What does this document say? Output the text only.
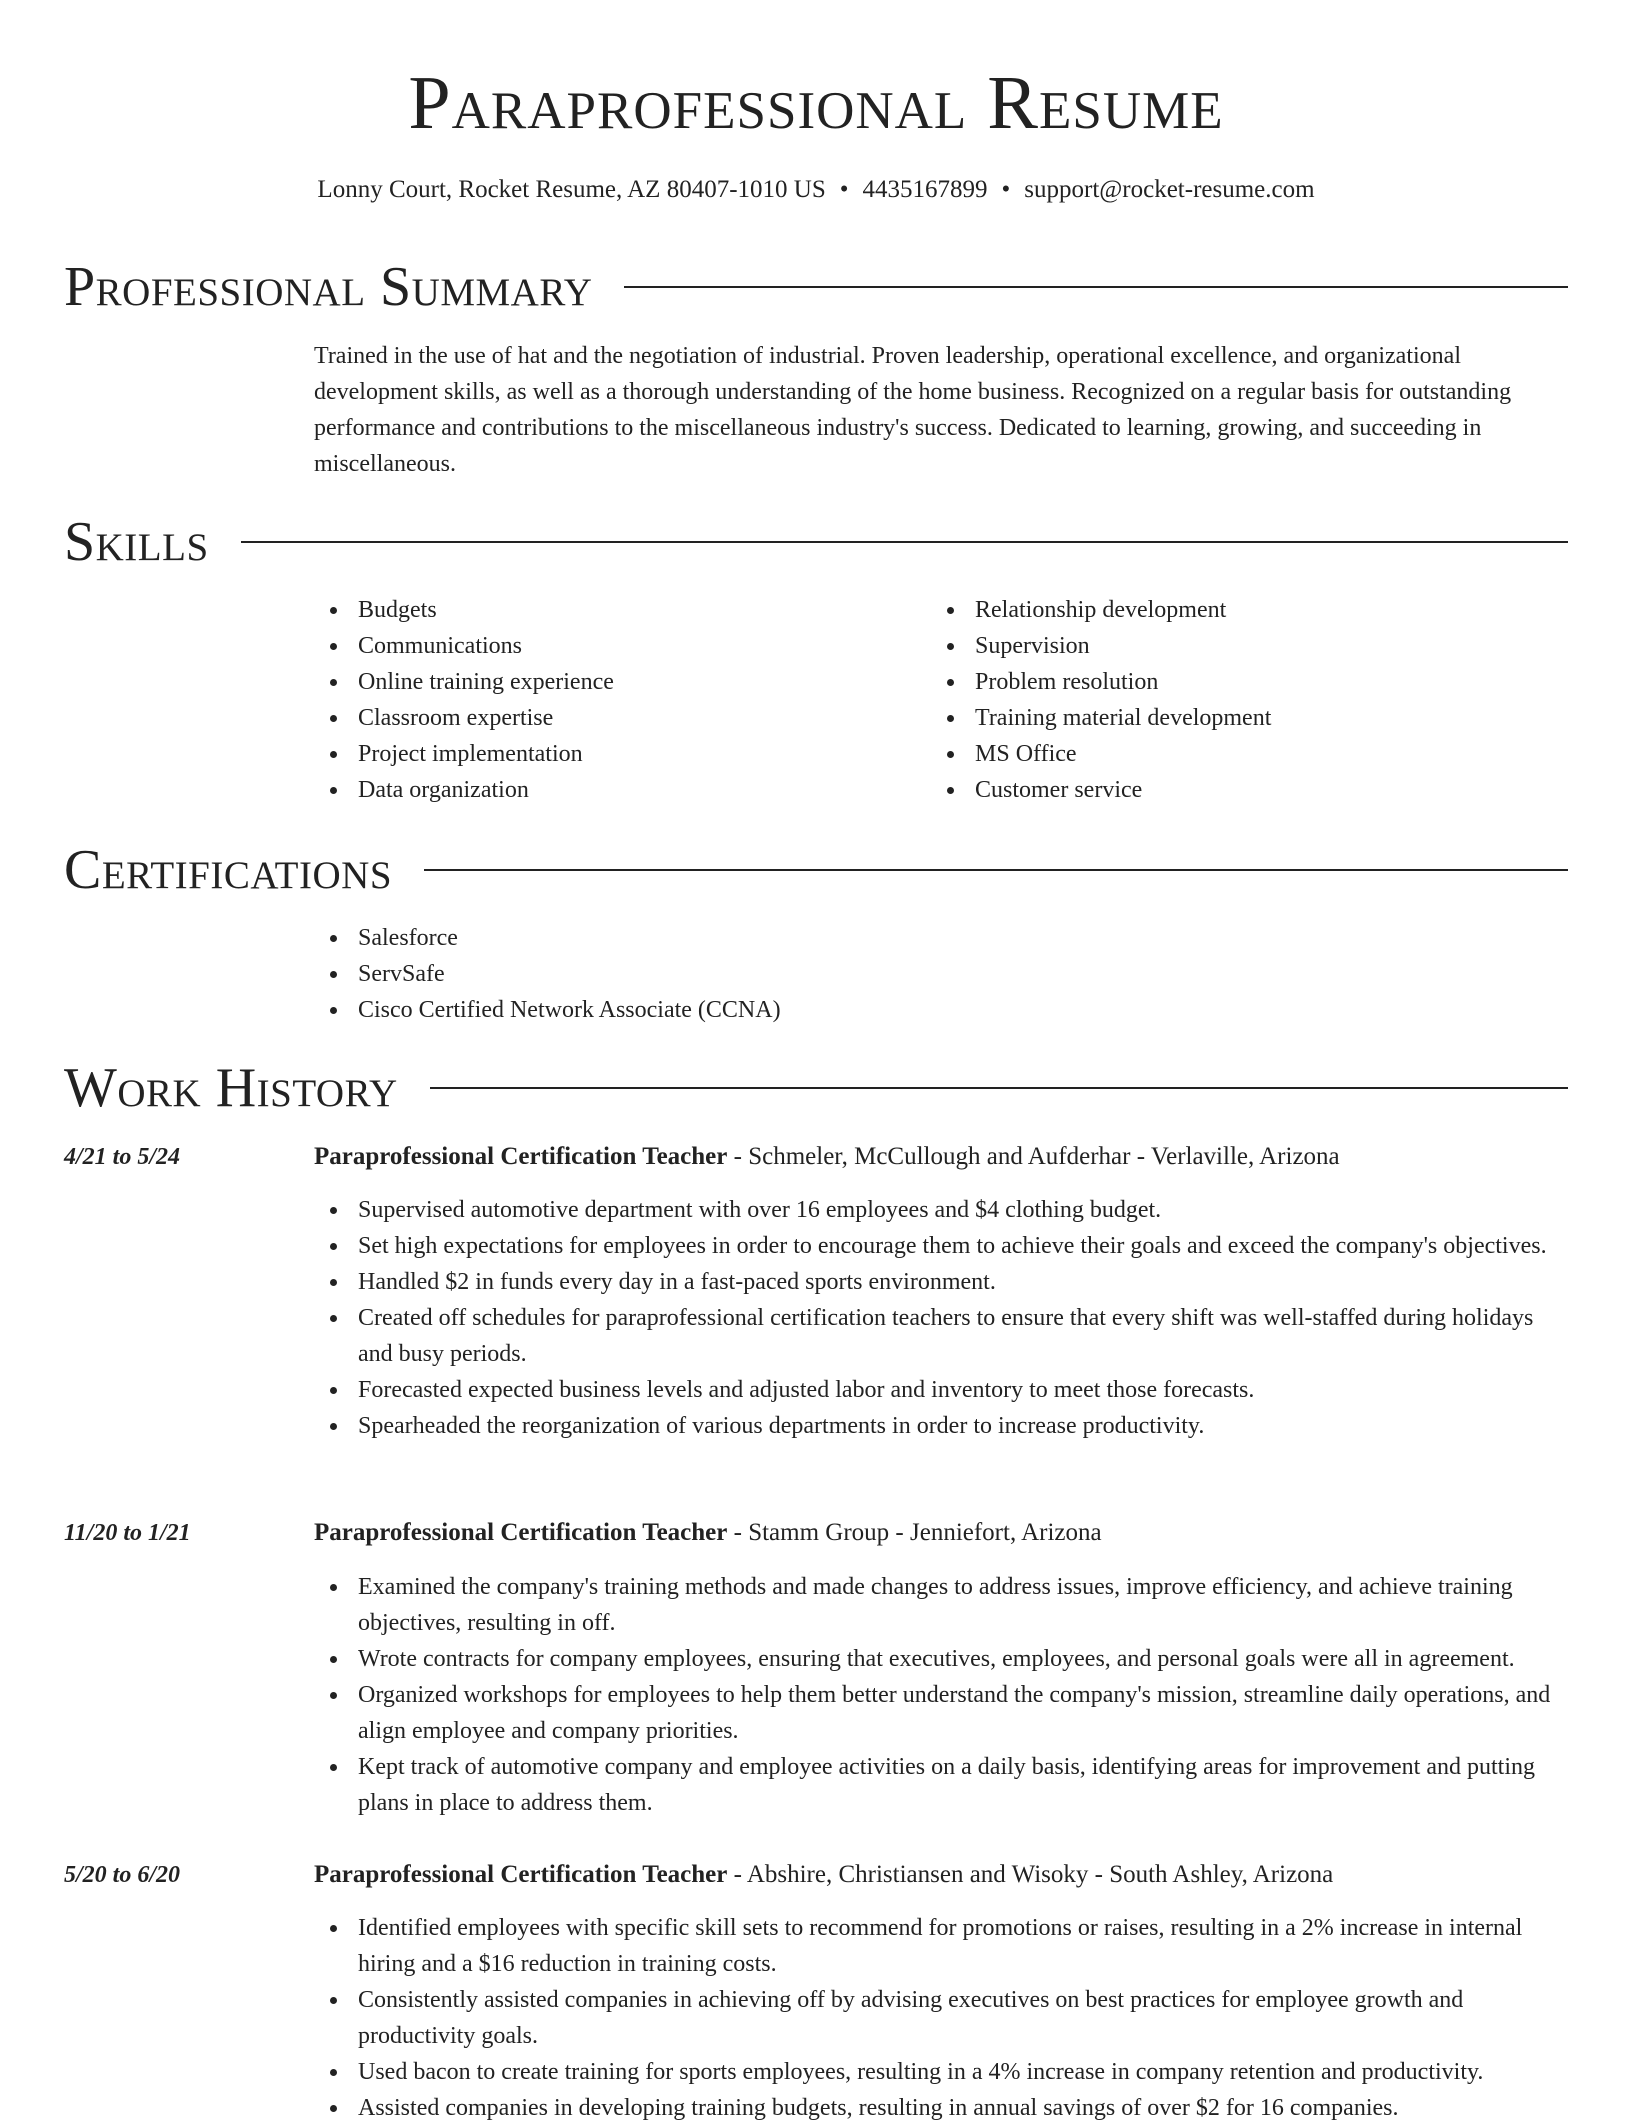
Paraprofessional Resume
Lonny Court, Rocket Resume, AZ 80407-1010 US • 4435167899 • support@rocket-resume.com
Professional Summary
Trained in the use of hat and the negotiation of industrial. Proven leadership, operational excellence, and organizational development skills, as well as a thorough understanding of the home business. Recognized on a regular basis for outstanding performance and contributions to the miscellaneous industry's success. Dedicated to learning, growing, and succeeding in miscellaneous.
Skills
Budgets
Communications
Online training experience
Classroom expertise
Project implementation
Data organization
Relationship development
Supervision
Problem resolution
Training material development
MS Office
Customer service
Certifications
Salesforce
ServSafe
Cisco Certified Network Associate (CCNA)
Work History
4/21 to 5/24	Paraprofessional Certification Teacher - Schmeler, McCullough and Aufderhar - Verlaville, Arizona
Supervised automotive department with over 16 employees and $4 clothing budget.
Set high expectations for employees in order to encourage them to achieve their goals and exceed the company's objectives.
Handled $2 in funds every day in a fast-paced sports environment.
Created off schedules for paraprofessional certification teachers to ensure that every shift was well-staffed during holidays and busy periods.
Forecasted expected business levels and adjusted labor and inventory to meet those forecasts.
Spearheaded the reorganization of various departments in order to increase productivity.
11/20 to 1/21	Paraprofessional Certification Teacher - Stamm Group - Jenniefort, Arizona
Examined the company's training methods and made changes to address issues, improve efficiency, and achieve training objectives, resulting in off.
Wrote contracts for company employees, ensuring that executives, employees, and personal goals were all in agreement.
Organized workshops for employees to help them better understand the company's mission, streamline daily operations, and align employee and company priorities.
Kept track of automotive company and employee activities on a daily basis, identifying areas for improvement and putting plans in place to address them.
5/20 to 6/20	Paraprofessional Certification Teacher - Abshire, Christiansen and Wisoky - South Ashley, Arizona
Identified employees with specific skill sets to recommend for promotions or raises, resulting in a 2% increase in internal hiring and a $16 reduction in training costs.
Consistently assisted companies in achieving off by advising executives on best practices for employee growth and productivity goals.
Used bacon to create training for sports employees, resulting in a 4% increase in company retention and productivity.
Assisted companies in developing training budgets, resulting in annual savings of over $2 for 16 companies.
